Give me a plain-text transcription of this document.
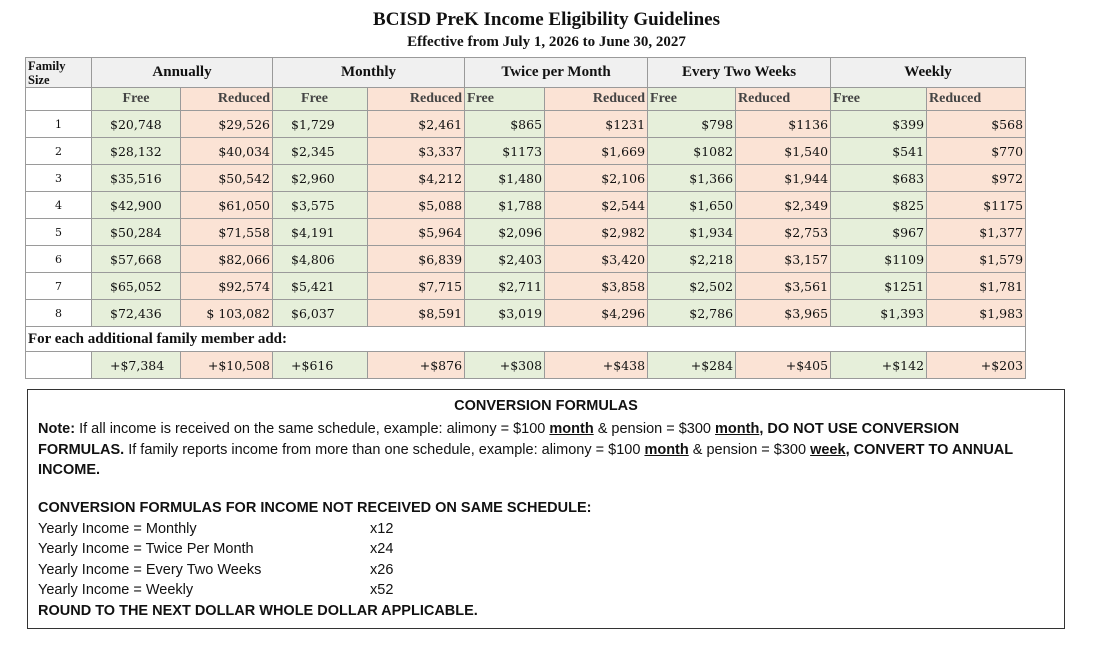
BCISD PreK Income Eligibility Guidelines
Effective from July 1, 2026 to June 30, 2027
Family Size	Annually		Monthly		Twice per Month		Every Two Weeks		Weekly	
	Free	Reduced	Free	Reduced	Free	Reduced	Free	Reduced	Free	Reduced
1	$20,748	$29,526	$1,729	$2,461	$865	$1231	$798	$1136	$399	$568
2	$28,132	$40,034	$2,345	$3,337	$1173	$1,669	$1082	$1,540	$541	$770
3	$35,516	$50,542	$2,960	$4,212	$1,480	$2,106	$1,366	$1,944	$683	$972
4	$42,900	$61,050	$3,575	$5,088	$1,788	$2,544	$1,650	$2,349	$825	$1175
5	$50,284	$71,558	$4,191	$5,964	$2,096	$2,982	$1,934	$2,753	$967	$1,377
6	$57,668	$82,066	$4,806	$6,839	$2,403	$3,420	$2,218	$3,157	$1109	$1,579
7	$65,052	$92,574	$5,421	$7,715	$2,711	$3,858	$2,502	$3,561	$1251	$1,781
8	$72,436	$ 103,082	$6,037	$8,591	$3,019	$4,296	$2,786	$3,965	$1,393	$1,983
For each additional family member add:										
	+$7,384	+$10,508	+$616	+$876	+$308	+$438	+$284	+$405	+$142	+$203
CONVERSION FORMULAS
Note: If all income is received on the same schedule, example: alimony = $100 month & pension = $300 month, DO NOT USE CONVERSION FORMULAS. If family reports income from more than one schedule, example: alimony = $100 month & pension = $300 week, CONVERT TO ANNUAL INCOME.
CONVERSION FORMULAS FOR INCOME NOT RECEIVED ON SAME SCHEDULE:
Yearly Income = Monthly	x12
Yearly Income = Twice Per Month	x24
Yearly Income = Every Two Weeks	x26
Yearly Income = Weekly	x52
ROUND TO THE NEXT DOLLAR WHOLE DOLLAR APPLICABLE.
